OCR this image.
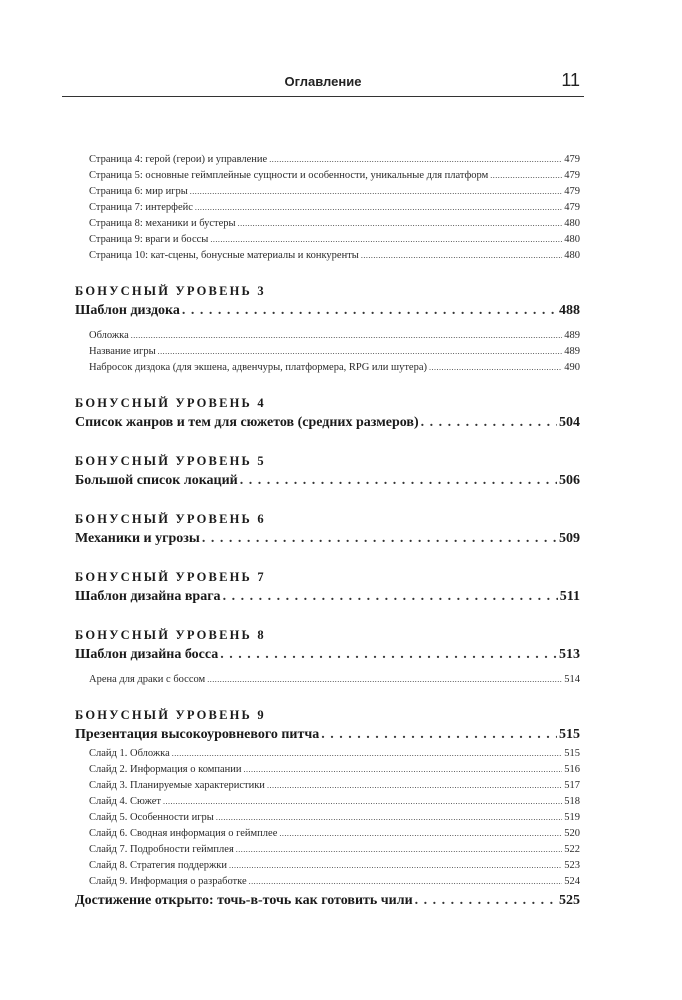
Оглавление	11
Страница 4: герой (герои) и управление .....	479
Страница 5: основные геймплейные сущности и особенности, уникальные для платформ .....	479
Страница 6: мир игры .....	479
Страница 7: интерфейс .....	479
Страница 8: механики и бустеры .....	480
Страница 9: враги и боссы .....	480
Страница 10: кат-сцены, бонусные материалы и конкуренты .....	480
БОНУСНЫЙ УРОВЕНЬ 3
Шаблон диздока . . .	488
Обложка .....	489
Название игры .....	489
Набросок диздока (для экшена, адвенчуры, платформера, RPG или шутера) .....	490
БОНУСНЫЙ УРОВЕНЬ 4
Список жанров и тем для сюжетов (средних размеров) . . .	504
БОНУСНЫЙ УРОВЕНЬ 5
Большой список локаций . . .	506
БОНУСНЫЙ УРОВЕНЬ 6
Механики и угрозы . . .	509
БОНУСНЫЙ УРОВЕНЬ 7
Шаблон дизайна врага . . .	511
БОНУСНЫЙ УРОВЕНЬ 8
Шаблон дизайна босса . . .	513
Арена для драки с боссом .....	514
БОНУСНЫЙ УРОВЕНЬ 9
Презентация высокоуровневого питча . . .	515
Слайд 1. Обложка .....	515
Слайд 2. Информация о компании .....	516
Слайд 3. Планируемые характеристики .....	517
Слайд 4. Сюжет .....	518
Слайд 5. Особенности игры .....	519
Слайд 6. Сводная информация о геймплее .....	520
Слайд 7. Подробности геймплея .....	522
Слайд 8. Стратегия поддержки .....	523
Слайд 9. Информация о разработке .....	524
Достижение открыто: точь-в-точь как готовить чили . . .	525
